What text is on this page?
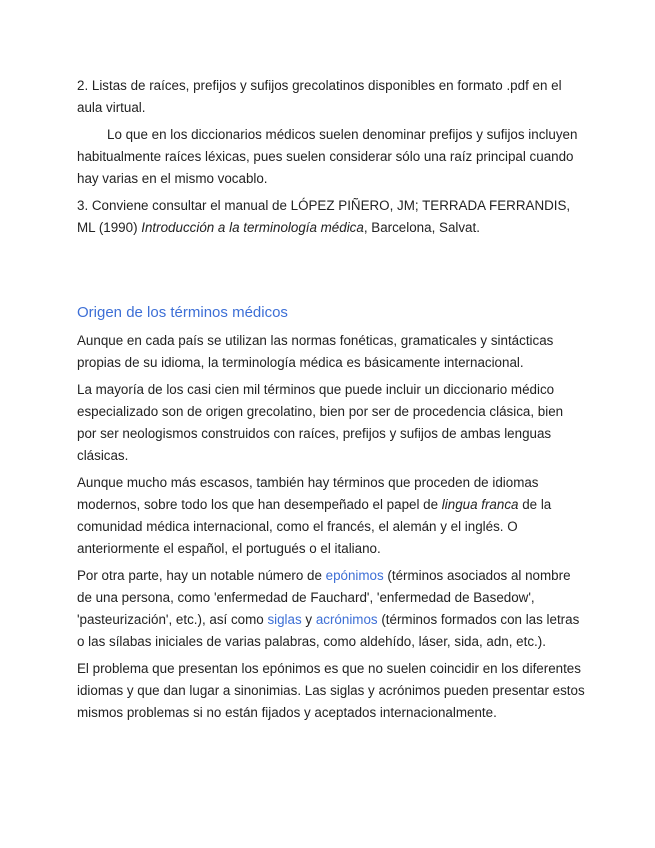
2. Listas de raíces, prefijos y sufijos grecolatinos disponibles en formato .pdf en el aula virtual.

Lo que en los diccionarios médicos suelen denominar prefijos y sufijos incluyen habitualmente raíces léxicas, pues suelen considerar sólo una raíz principal cuando hay varias en el mismo vocablo.

3. Conviene consultar el manual de LÓPEZ PIÑERO, JM; TERRADA FERRANDIS, ML (1990) Introducción a la terminología médica, Barcelona, Salvat.

Origen de los términos médicos

Aunque en cada país se utilizan las normas fonéticas, gramaticales y sintácticas propias de su idioma, la terminología médica es básicamente internacional.

La mayoría de los casi cien mil términos que puede incluir un diccionario médico especializado son de origen grecolatino, bien por ser de procedencia clásica, bien por ser neologismos construidos con raíces, prefijos y sufijos de ambas lenguas clásicas.

Aunque mucho más escasos, también hay términos que proceden de idiomas modernos, sobre todo los que han desempeñado el papel de lingua franca de la comunidad médica internacional, como el francés, el alemán y el inglés. O anteriormente el español, el portugués o el italiano.

Por otra parte, hay un notable número de epónimos (términos asociados al nombre de una persona, como 'enfermedad de Fauchard', 'enfermedad de Basedow', 'pasteurización', etc.), así como siglas y acrónimos (términos formados con las letras o las sílabas iniciales de varias palabras, como aldehído, láser, sida, adn, etc.).

El problema que presentan los epónimos es que no suelen coincidir en los diferentes idiomas y que dan lugar a sinonimias. Las siglas y acrónimos pueden presentar estos mismos problemas si no están fijados y aceptados internacionalmente.
